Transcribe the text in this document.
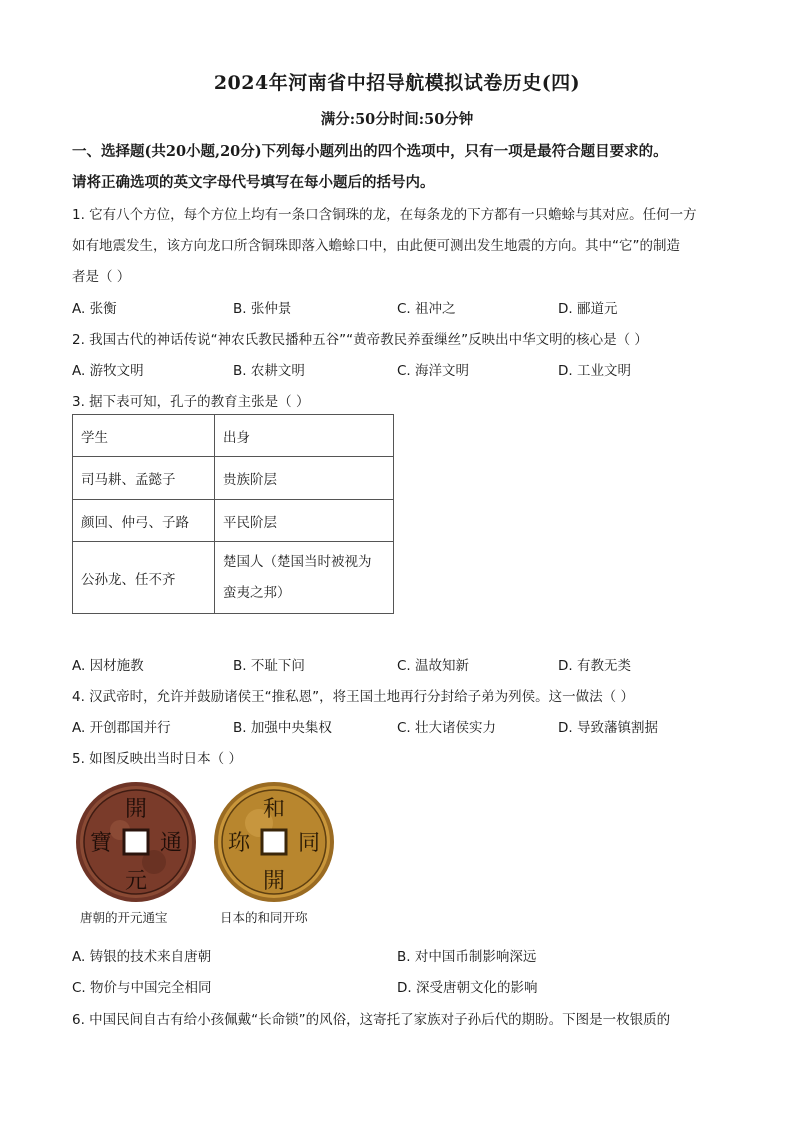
2024年河南省中招导航模拟试卷历史(四)
满分:50分时间:50分钟
一、选择题(共20小题,20分)下列每小题列出的四个选项中，只有一项是最符合题目要求的。
请将正确选项的英文字母代号填写在每小题后的括号内。
1. 它有八个方位，每个方位上均有一条口含铜珠的龙，在每条龙的下方都有一只蟾蜍与其对应。任何一方
如有地震发生，该方向龙口所含铜珠即落入蟾蜍口中，由此便可测出发生地震的方向。其中“它”的制造
者是（ ）
A. 张衡	B. 张仲景	C. 祖冲之	D. 郦道元
2. 我国古代的神话传说“神农氏教民播种五谷”“黄帝教民养蚕缫丝”反映出中华文明的核心是（ ）
A. 游牧文明	B. 农耕文明	C. 海洋文明	D. 工业文明
3. 据下表可知，孔子的教育主张是（ ）
学生	出身
司马耕、孟懿子	贵族阶层
颜回、仲弓、子路	平民阶层
公孙龙、任不齐	楚国人（楚国当时被视为
蛮夷之邦）
A. 因材施教	B. 不耻下问	C. 温故知新	D. 有教无类
4. 汉武帝时，允许并鼓励诸侯王“推私恩”，将王国土地再行分封给子弟为列侯。这一做法（ ）
A. 开创郡国并行	B. 加强中央集权	C. 壮大诸侯实力	D. 导致藩镇割据
5. 如图反映出当时日本（ ）
開
通
元
寶
和
同
開
珎
唐朝的开元通宝	日本的和同开珎
A. 铸银的技术来自唐朝	B. 对中国币制影响深远
C. 物价与中国完全相同	D. 深受唐朝文化的影响
6. 中国民间自古有给小孩佩戴“长命锁”的风俗，这寄托了家族对子孙后代的期盼。下图是一枚银质的
